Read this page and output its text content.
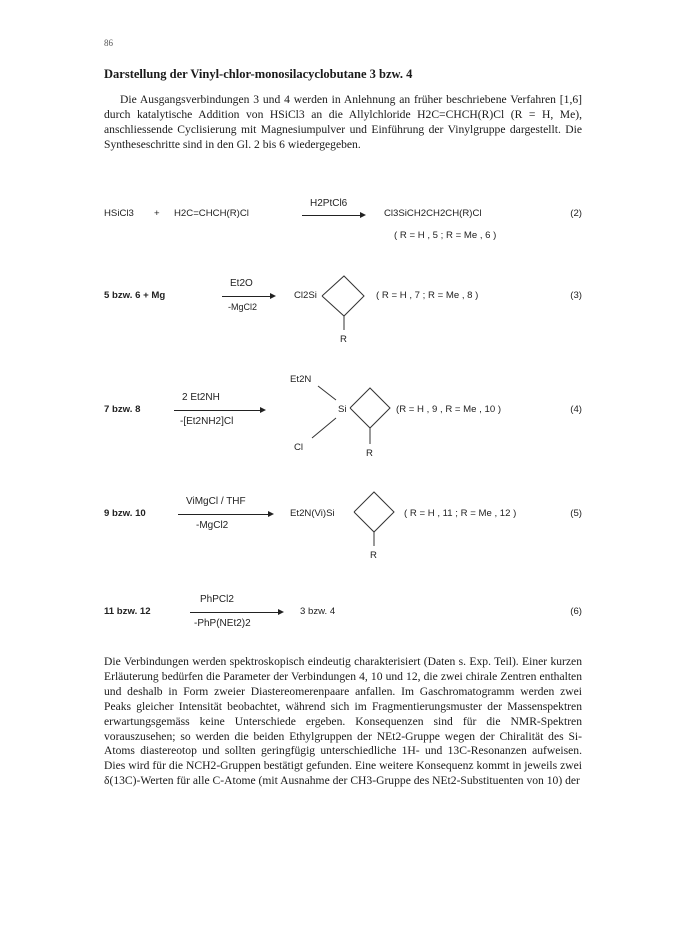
86
Darstellung der Vinyl-chlor-monosilacyclobutane 3 bzw. 4

Die Ausgangsverbindungen 3 und 4 werden in Anlehnung an früher beschriebene Verfahren [1,6] durch katalytische Addition von HSiCl3 an die Allylchloride H2C=CHCH(R)Cl (R = H, Me), anschliessende Cyclisierung mit Magnesiumpulver und Einführung der Vinylgruppe dargestellt. Die Syntheseschritte sind in den Gl. 2 bis 6 wiedergegeben.

HSiCl3 + H2C=CHCH(R)Cl
H2PtCl6
Cl3SiCH2CH2CH(R)Cl	(2)
( R = H , 5 ; R = Me , 6 )
5 bzw. 6 + Mg
Et2O
-MgCl2
Cl2Si
R
( R = H , 7 ; R = Me , 8 )	(3)
7 bzw. 8
2 Et2NH
-[Et2NH2]Cl
Et2N
Si
Cl
R
(R = H , 9 , R = Me , 10 )	(4)
9 bzw. 10
ViMgCl / THF
-MgCl2
Et2N(Vi)Si
R
( R = H , 11 ; R = Me , 12 )	(5)
11 bzw. 12
PhPCl2
-PhP(NEt2)2
3 bzw. 4	(6)

Die Verbindungen werden spektroskopisch eindeutig charakterisiert (Daten s. Exp. Teil). Einer kurzen Erläuterung bedürfen die Parameter der Verbindungen 4, 10 und 12, die zwei chirale Zentren enthalten und deshalb in Form zweier Diastereomerenpaare anfallen. Im Gaschromatogramm werden zwei Peaks gleicher Intensität beobachtet, während sich im Fragmentierungsmuster der Massenspektren erwartungsgemäss keine Unterschiede ergeben. Konsequenzen sind für die NMR-Spektren vorauszusehen; so werden die beiden Ethylgruppen der NEt2-Gruppe wegen der Chiralität des Si-Atoms diastereotop und sollten geringfügig unterschiedliche 1H- und 13C-Resonanzen aufweisen. Dies wird für die NCH2-Gruppen bestätigt gefunden. Eine weitere Konsequenz kommt in jeweils zwei δ(13C)-Werten für alle C-Atome (mit Ausnahme der CH3-Gruppe des NEt2-Substituenten von 10) der
